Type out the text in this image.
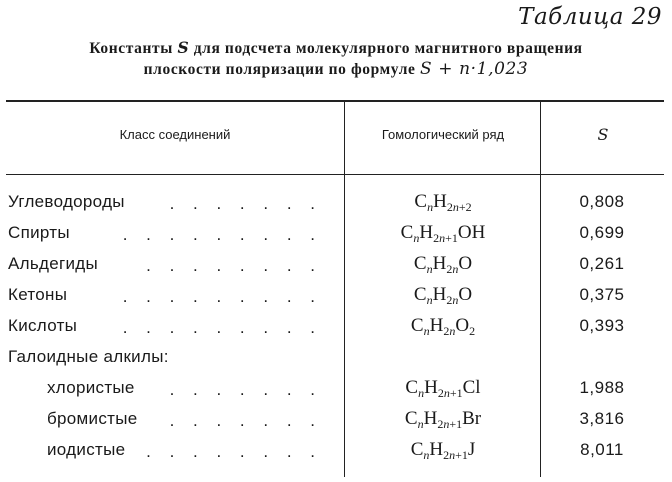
Таблица 29
Константы S для подсчета молекулярного магнитного вращения
плоскости поляризации по формуле S + n·1,023
Класс соединений	Гомологический ряд	S
Углеводороды	. . . . . . .	$C_nH_{2n+2}$	0,808
Спирты	. . . . . . . . .	$C_nH_{2n+1}OH$	0,699
Альдегиды	. . . . . . . .	$C_nH_{2n}O$	0,261
Кетоны	. . . . . . . . .	$C_nH_{2n}O$	0,375
Кислоты	. . . . . . . . .	$C_nH_{2n}O_2$	0,393
Галоидные алкилы:
хлористые . . . . . . .	$C_nH_{2n+1}Cl$	1,988
бромистые . . . . . . .	$C_nH_{2n+1}Br$	3,816
иодистые . . . . . . . .	$C_nH_{2n+1}J$	8,011
